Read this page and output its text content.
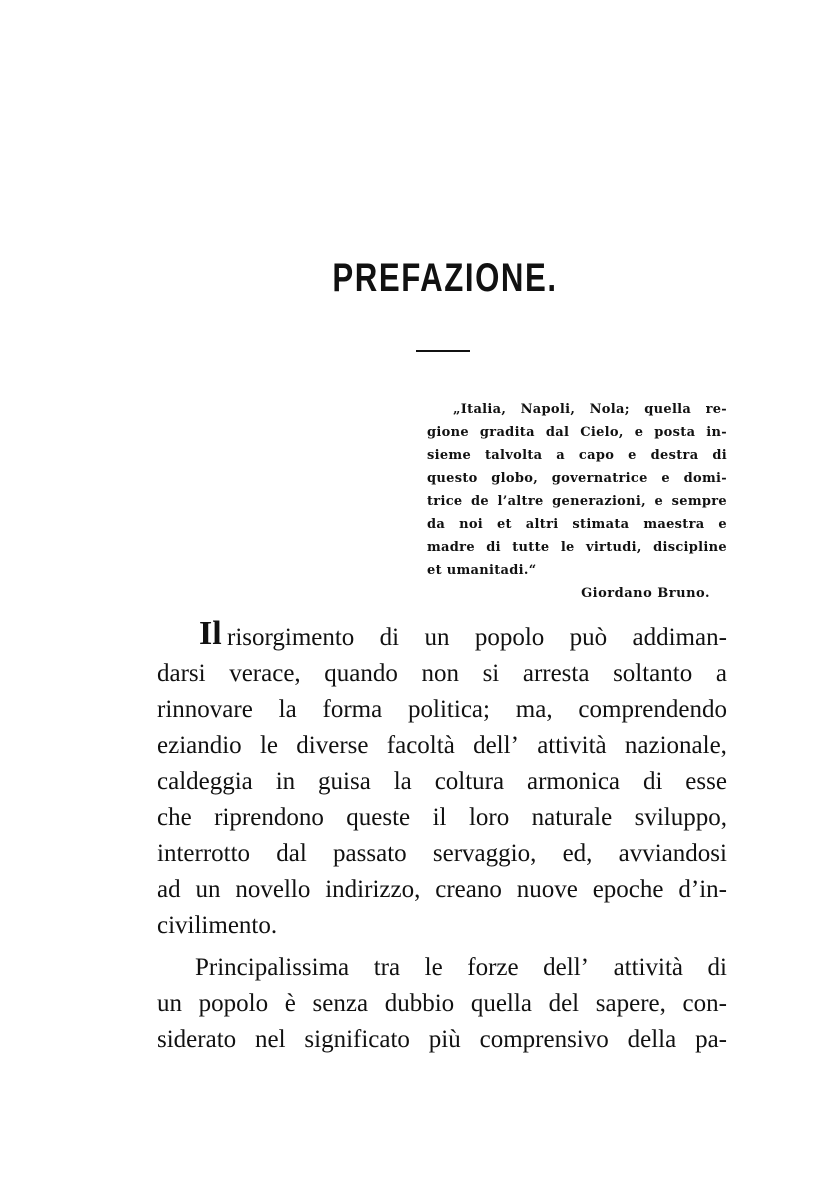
PREFAZIONE.
„Italia, Napoli, Nola; quella re-
gione gradita dal Cielo, e posta in-
sieme talvolta a capo e destra di
questo globo, governatrice e domi-
trice de l’altre generazioni, e sempre
da noi et altri stimata maestra e
madre di tutte le virtudi, discipline
et umanitadi.“
Giordano Bruno.
Il risorgimento di un popolo può addiman-
darsi verace, quando non si arresta soltanto a
rinnovare la forma politica; ma, comprendendo
eziandio le diverse facoltà dell’ attività nazionale,
caldeggia in guisa la coltura armonica di esse
che riprendono queste il loro naturale sviluppo,
interrotto dal passato servaggio, ed, avviandosi
ad un novello indirizzo, creano nuove epoche d’in-
civilimento.
Principalissima tra le forze dell’ attività di
un popolo è senza dubbio quella del sapere, con-
siderato nel significato più comprensivo della pa-
